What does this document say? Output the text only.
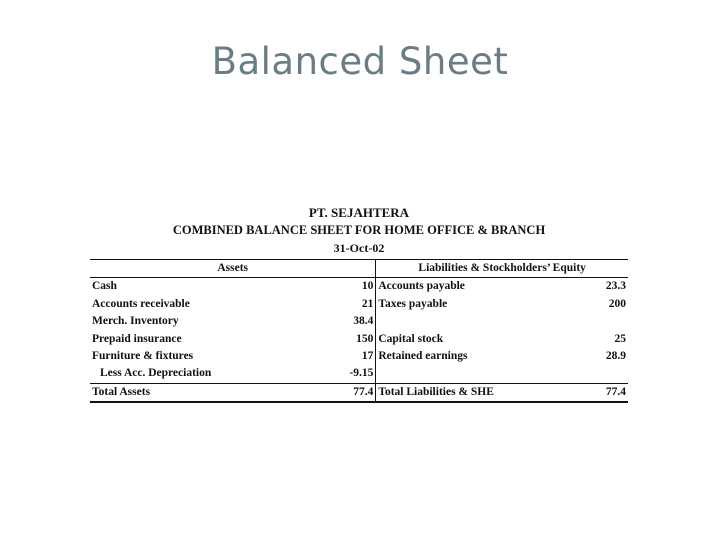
Balanced Sheet
PT. SEJAHTERA
COMBINED BALANCE SHEET FOR HOME OFFICE & BRANCH
31-Oct-02
Assets		Liabilities & Stockholders’ Equity	
Cash	10	Accounts payable	23.3
Accounts receivable	21	Taxes payable	200
Merch. Inventory	38.4		
Prepaid insurance	150	Capital stock	25
Furniture & fixtures	17	Retained earnings	28.9
Less Acc. Depreciation	-9.15		
Total Assets	77.4	Total Liabilities & SHE	77.4
